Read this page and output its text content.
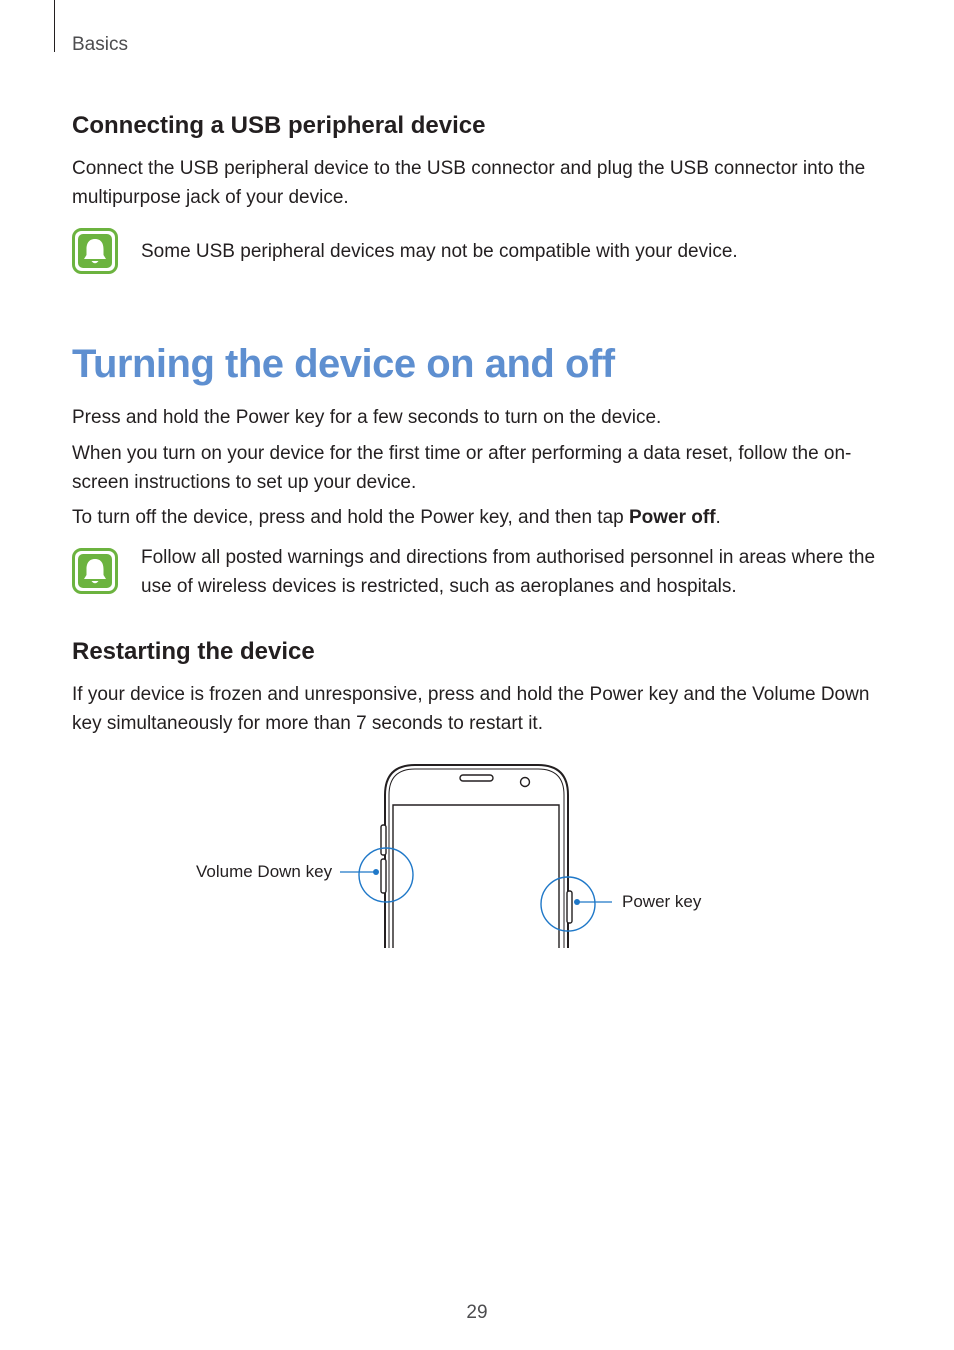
Basics
Connecting a USB peripheral device

Connect the USB peripheral device to the USB connector and plug the USB connector into the multipurpose jack of your device.

Some USB peripheral devices may not be compatible with your device.

Turning the device on and off

Press and hold the Power key for a few seconds to turn on the device.

When you turn on your device for the first time or after performing a data reset, follow the on-screen instructions to set up your device.

To turn off the device, press and hold the Power key, and then tap Power off.

Follow all posted warnings and directions from authorised personnel in areas where the use of wireless devices is restricted, such as aeroplanes and hospitals.

Restarting the device

If your device is frozen and unresponsive, press and hold the Power key and the Volume Down key simultaneously for more than 7 seconds to restart it.

Volume Down key
Power key
29
